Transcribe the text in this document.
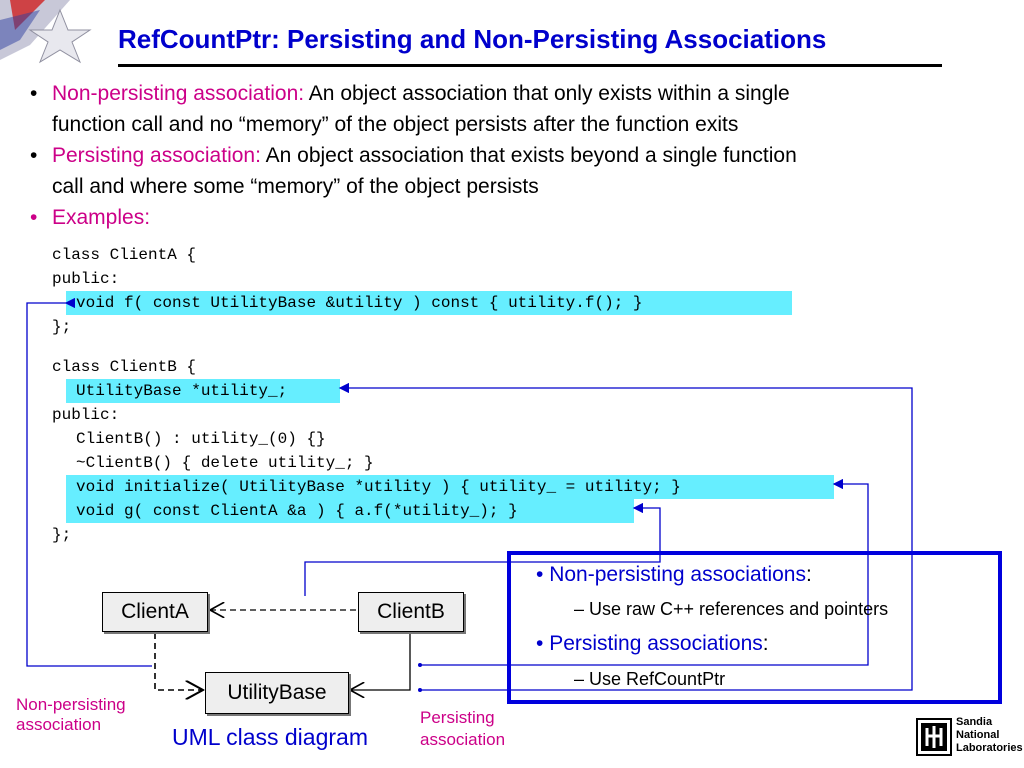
RefCountPtr: Persisting and Non-Persisting Associations
• Non-persisting association: An object association that only exists within a single
function call and no “memory” of the object persists after the function exits
• Persisting association: An object association that exists beyond a single function
call and where some “memory” of the object persists
• Examples:
class ClientA {
public:
void f( const UtilityBase &utility ) const { utility.f(); }
};
class ClientB {
UtilityBase *utility_;
public:
ClientB() : utility_(0) {}
~ClientB() { delete utility_; }
void initialize( UtilityBase *utility ) { utility_ = utility; }
void g( const ClientA &a ) { a.f(*utility_); }
};
ClientA	ClientB
UtilityBase
Non-persisting
association	Persisting
association
UML class diagram
• Non-persisting associations:
– Use raw C++ references and pointers
• Persisting associations:
– Use RefCountPtr
Sandia
National
Laboratories
